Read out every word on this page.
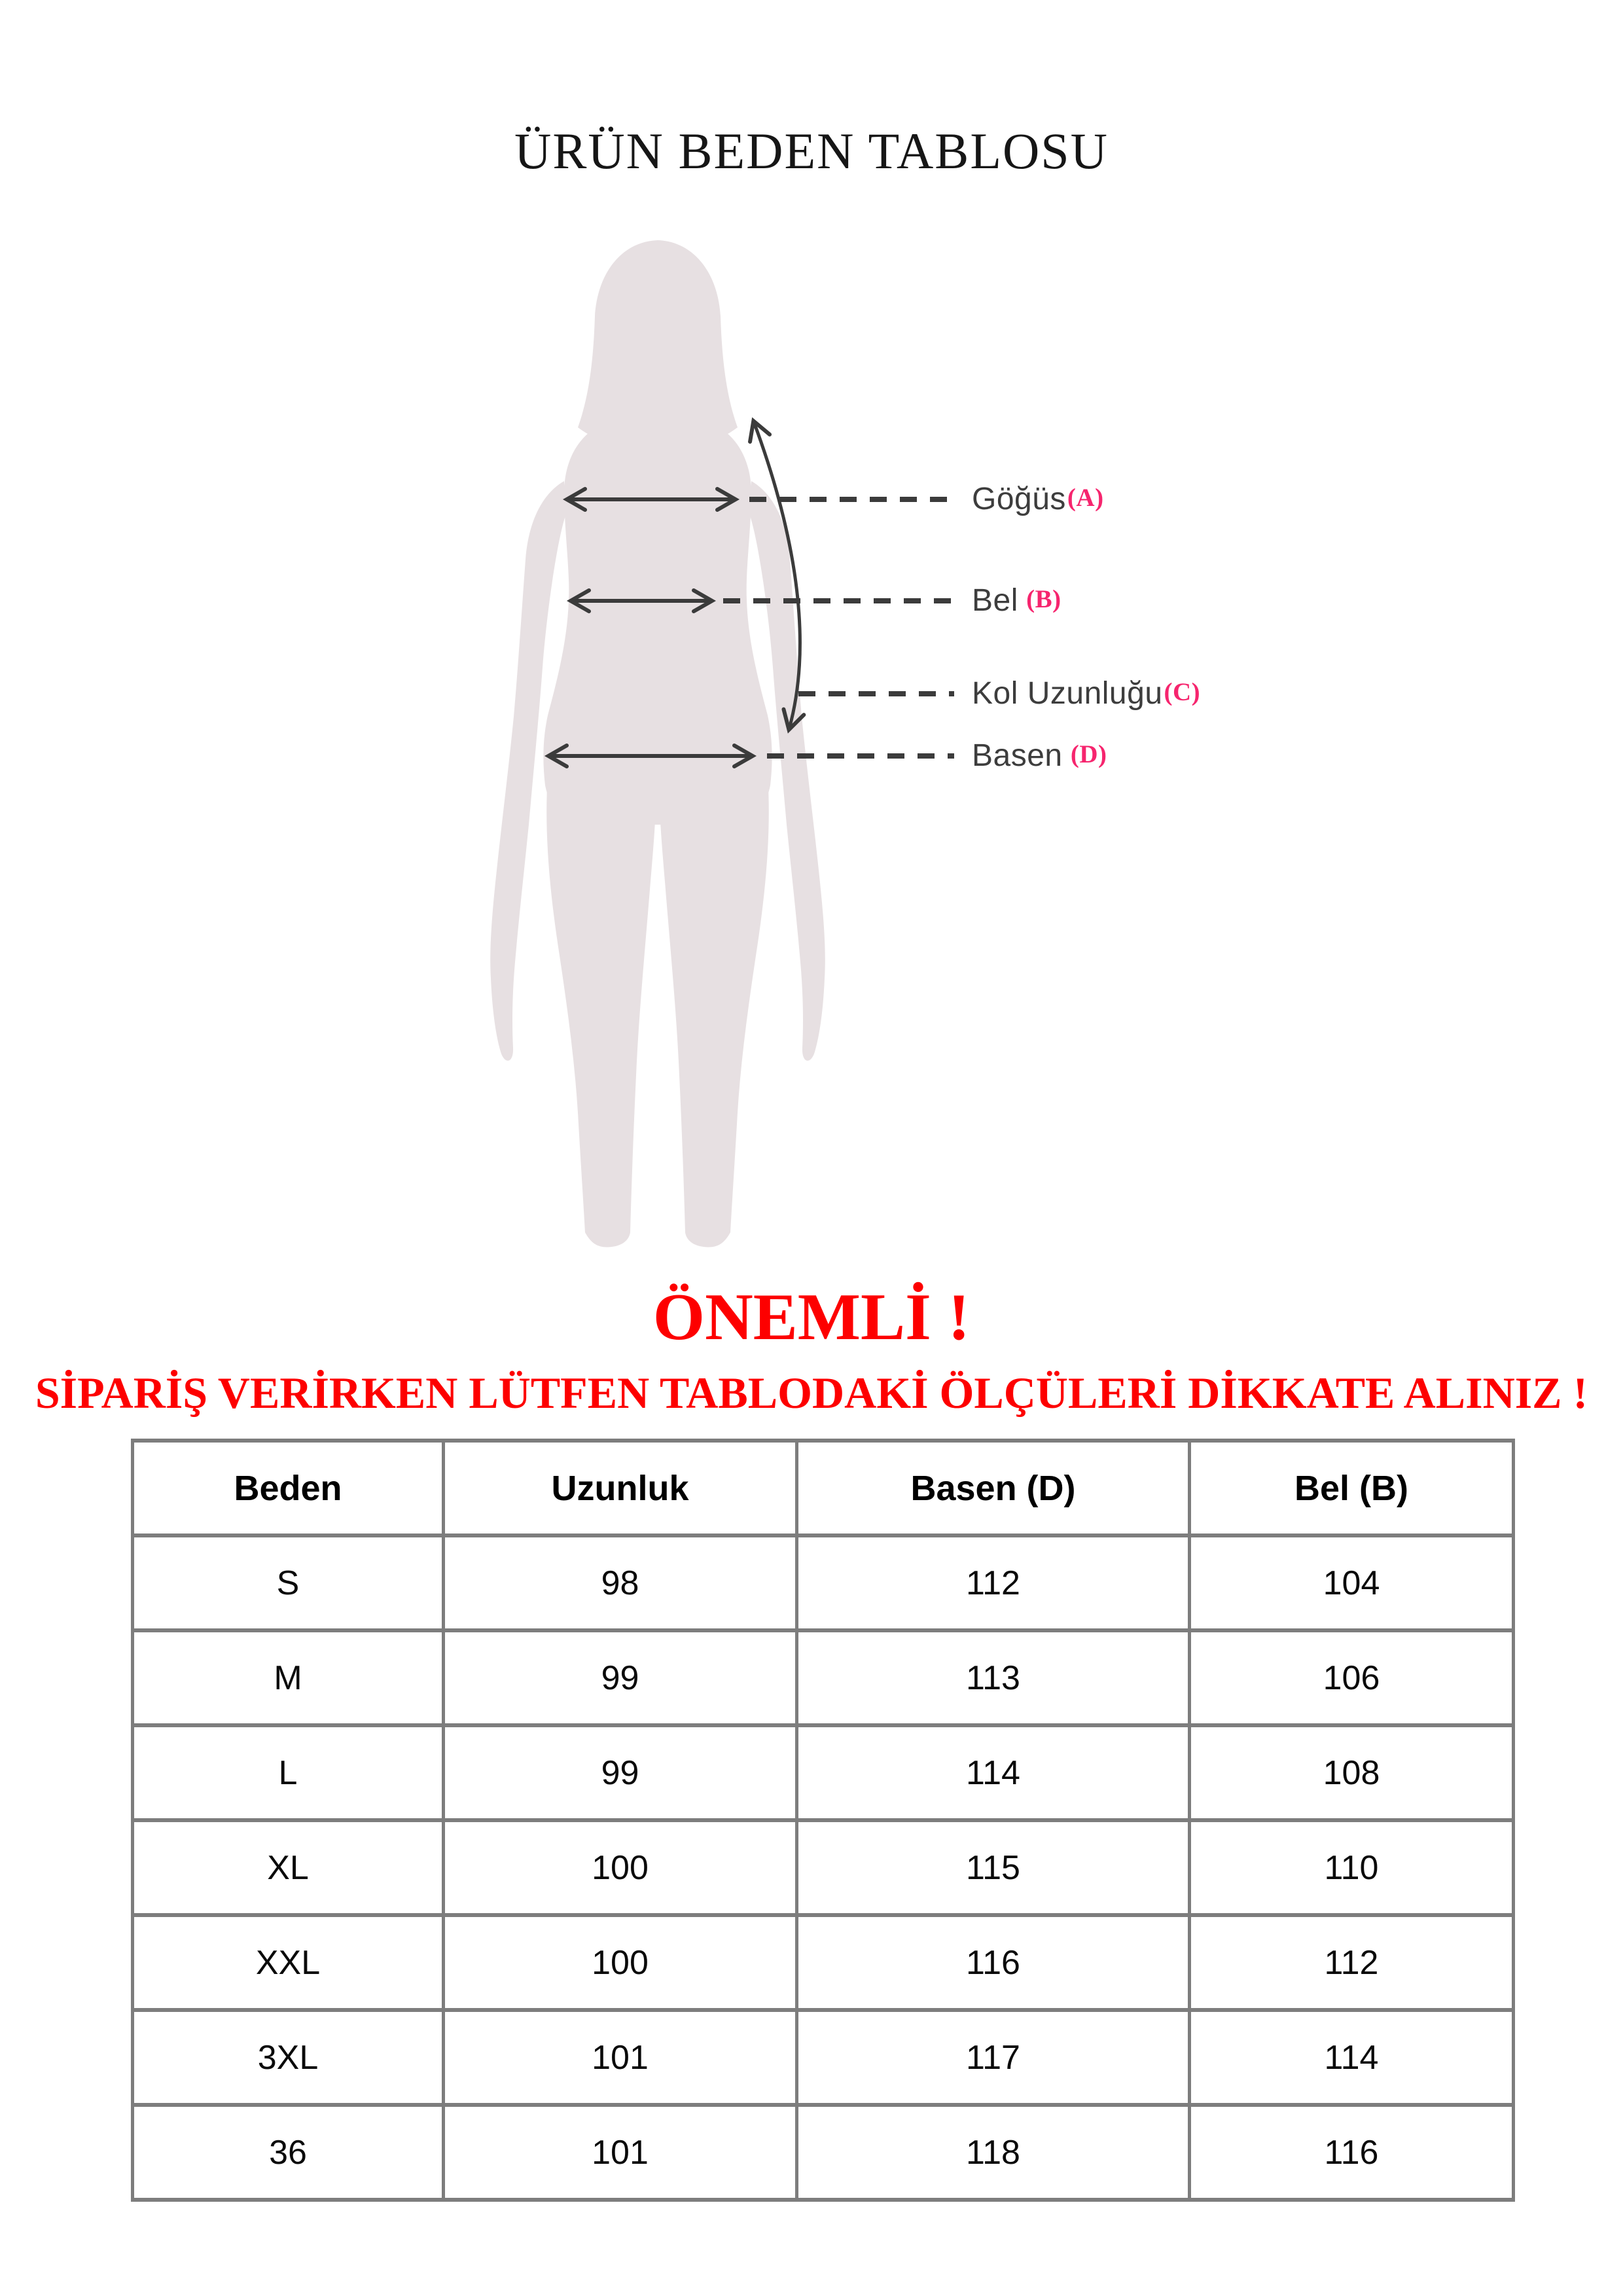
ÜRÜN BEDEN TABLOSU
Göğüs(A)
Bel (B)
Kol Uzunluğu(C)
Basen (D)
ÖNEMLİ !
SİPARİŞ VERİRKEN LÜTFEN TABLODAKİ ÖLÇÜLERİ DİKKATE ALINIZ !
Beden	Uzunluk	Basen (D)	Bel (B)
S	98	112	104
M	99	113	106
L	99	114	108
XL	100	115	110
XXL	100	116	112
3XL	101	117	114
36	101	118	116
